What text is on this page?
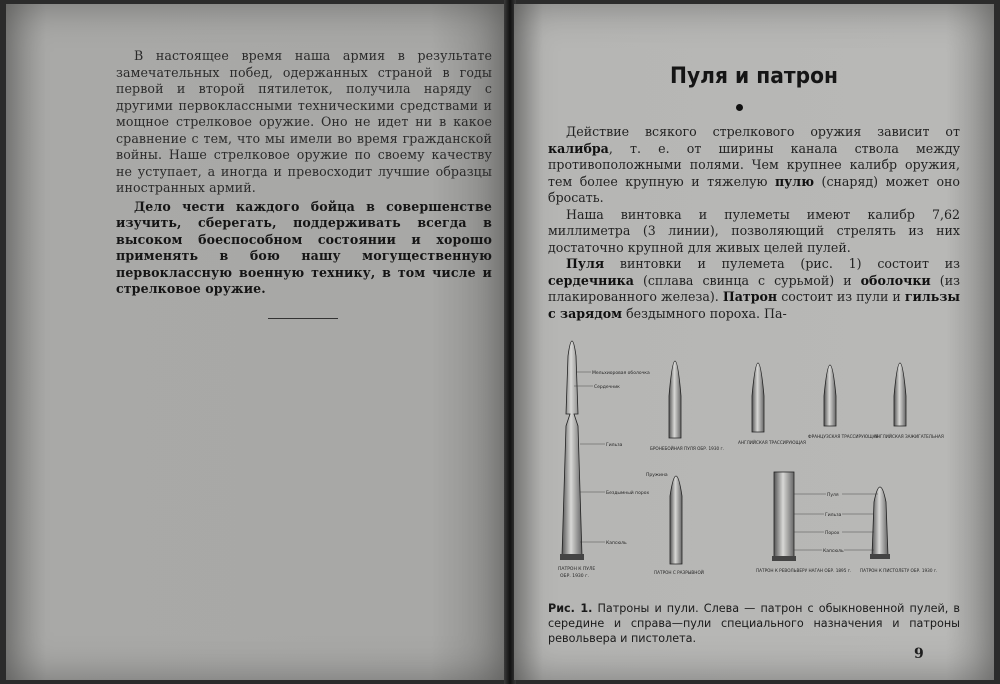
В настоящее время наша армия в результате замечательных побед, одержанных страной в годы первой и второй пятилеток, получила наряду с другими первоклассными техническими средствами и мощное стрелковое оружие. Оно не идет ни в какое сравнение с тем, что мы имели во время гражданской войны. Наше стрелковое оружие по своему качеству не уступает, а иногда и превосходит лучшие образцы иностранных армий.

Дело чести каждого бойца в совершенстве изучить, сберегать, поддерживать всегда в высоком боеспособном состоянии и хорошо применять в бою нашу могущественную первоклассную военную технику, в том числе и стрелковое оружие.

Пуля и патрон

Действие всякого стрелкового оружия зависит от калибра, т. е. от ширины канала ствола между противоположными полями. Чем крупнее калибр оружия, тем более крупную и тяжелую пулю (снаряд) может оно бросать.

Наша винтовка и пулеметы имеют калибр 7,62 миллиметра (3 линии), позволяющий стрелять из них достаточно крупной для живых целей пулей.

Пуля винтовки и пулемета (рис. 1) состоит из сердечника (сплава свинца с сурьмой) и оболочки (из плакированного железа). Патрон состоит из пули и гильзы с зарядом бездымного пороха. Па-

Мельхиоровая оболочка
Сердечник
Гильза
Бездымный порох
Капсюль
ПАТРОН К ПУЛЕ
ОБР. 1930 г.
БРОНЕБОЙНАЯ ПУЛЯ ОБР. 1930 г.
АНГЛИЙСКАЯ ТРАССИРУЮЩАЯ
ФРАНЦУЗСКАЯ ТРАССИРУЮЩАЯ
АНГЛИЙСКАЯ ЗАЖИГАТЕЛЬНАЯ
Пружина
ПАТРОН С РАЗРЫВНОЙ
Пуля
Гильза
Порох
Капсюль
ПАТРОН К РЕВОЛЬВЕРУ НАГАН ОБР. 1895 г. ПАТРОН К ПИСТОЛЕТУ ОБР. 1930 г.
Рис. 1. Патроны и пули. Слева — патрон с обыкновенной пулей, в середине и справа—пули специального назначения и патроны револьвера и пистолета.
9
